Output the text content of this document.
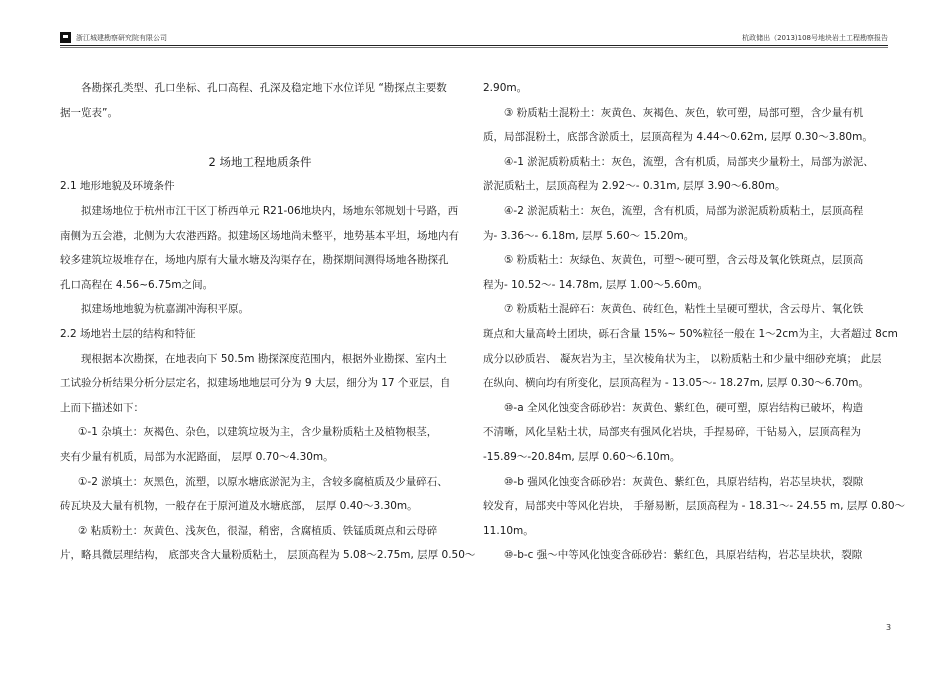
浙江城建勘察研究院有限公司	杭政储出（2013)108号地块岩土工程勘察报告

各勘探孔类型、孔口坐标、孔口高程、孔深及稳定地下水位详见 “勘探点主要数

据一览表”。

2 场地工程地质条件

2.1 地形地貌及环境条件

拟建场地位于杭州市江干区丁桥西单元 R21-06地块内，场地东邻规划十号路，西

南侧为五会港，北侧为大农港西路。拟建场区场地尚未整平，地势基本平坦，场地内有

较多建筑垃圾堆存在，场地内原有大量水塘及沟渠存在，勘探期间测得场地各勘探孔

孔口高程在 4.56~6.75m之间。

拟建场地地貌为杭嘉湖冲海积平原。

2.2 场地岩土层的结构和特征

现根据本次勘探，在地表向下 50.5m 勘探深度范围内，根据外业勘探、室内土

工试验分析结果分析分层定名，拟建场地地层可分为 9 大层，细分为 17 个亚层，自

上而下描述如下：

①-1 杂填土：灰褐色、杂色，以建筑垃圾为主，含少量粉质粘土及植物根茎，

夹有少量有机质，局部为水泥路面， 层厚 0.70～4.30m。

①-2 淤填土：灰黑色，流塑，以原水塘底淤泥为主，含较多腐植质及少量碎石、

砖瓦块及大量有机物，一般存在于原河道及水塘底部， 层厚 0.40～3.30m。

② 粘质粉土：灰黄色、浅灰色，很湿，稍密，含腐植质、铁锰质斑点和云母碎

片，略具微层理结构， 底部夹含大量粉质粘土， 层顶高程为 5.08～2.75m, 层厚 0.50～

2.90m。

③ 粉质粘土混粉土：灰黄色、灰褐色、灰色，软可塑，局部可塑，含少量有机

质，局部混粉土，底部含淤质土，层顶高程为 4.44～0.62m, 层厚 0.30～3.80m。

④-1 淤泥质粉质粘土：灰色，流塑，含有机质，局部夹少量粉土，局部为淤泥、

淤泥质粘土，层顶高程为 2.92～- 0.31m, 层厚 3.90～6.80m。

④-2 淤泥质粘土：灰色，流塑，含有机质，局部为淤泥质粉质粘土，层顶高程

为- 3.36～- 6.18m, 层厚 5.60～ 15.20m。

⑤ 粉质粘土：灰绿色、灰黄色，可塑～硬可塑，含云母及氧化铁斑点，层顶高

程为- 10.52～- 14.78m, 层厚 1.00～5.60m。

⑦ 粉质粘土混碎石：灰黄色、砖红色，粘性土呈硬可塑状，含云母片、氧化铁

斑点和大量高岭土团块，砾石含量 15%~ 50%粒径一般在 1～2cm为主，大者超过 8cm

成分以砂质岩、 凝灰岩为主，呈次棱角状为主， 以粉质粘土和少量中细砂充填； 此层

在纵向、横向均有所变化，层顶高程为 - 13.05～- 18.27m, 层厚 0.30～6.70m。

⑩-a 全风化蚀变含砾砂岩：灰黄色、紫红色，硬可塑，原岩结构已破坏，构造

不清晰，风化呈粘土状，局部夹有强风化岩块，手捏易碎，干钻易入，层顶高程为

-15.89～-20.84m, 层厚 0.60～6.10m。

⑩-b 强风化蚀变含砾砂岩：灰黄色、紫红色，具原岩结构，岩芯呈块状，裂隙

较发育，局部夹中等风化岩块， 手掰易断，层顶高程为 - 18.31～- 24.55 m, 层厚 0.80～

11.10m。

⑩-b-c 强～中等风化蚀变含砾砂岩：紫红色，具原岩结构，岩芯呈块状，裂隙

3
